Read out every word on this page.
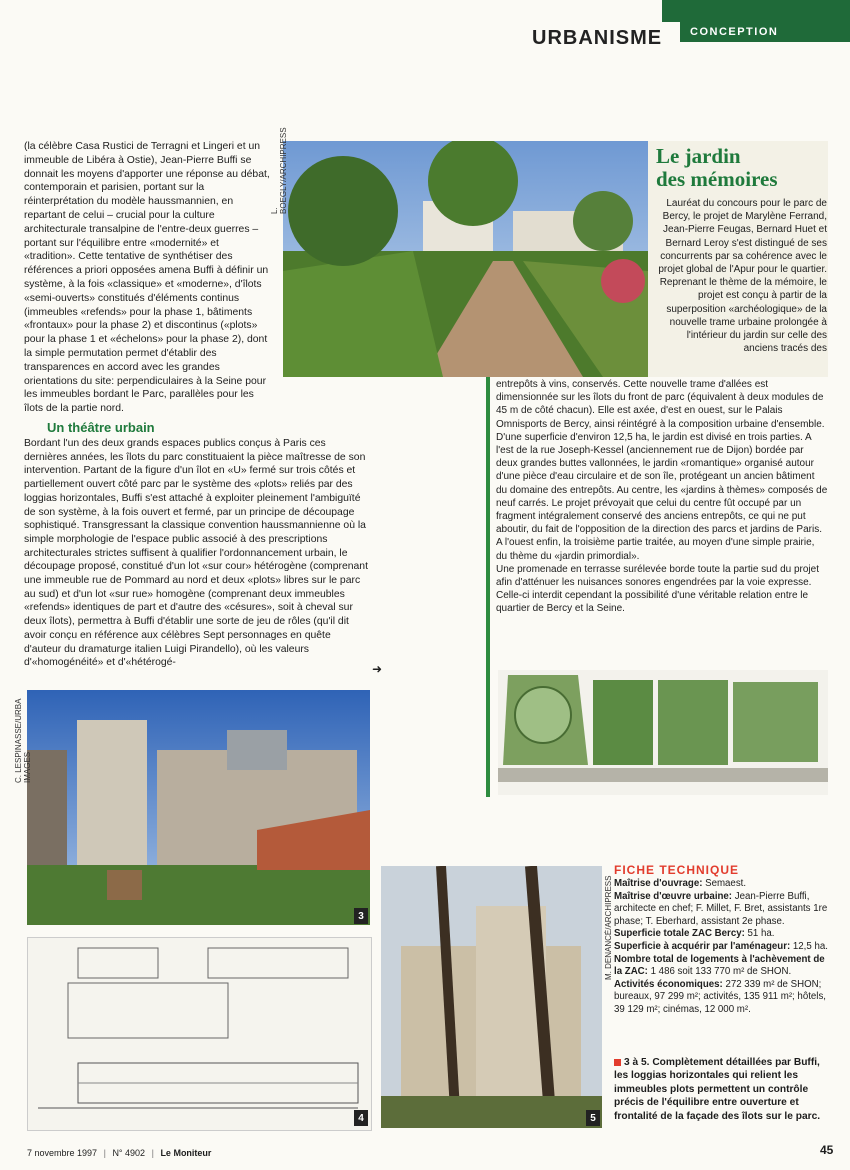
URBANISME	CONCEPTION
(la célèbre Casa Rustici de Terragni et Lingeri et un immeuble de Libéra à Ostie), Jean-Pierre Buffi se donnait les moyens d'apporter une réponse au débat, contemporain et parisien, portant sur la réinterprétation du modèle haussmannien, en repartant de celui – crucial pour la culture architecturale transalpine de l'entre-deux guerres – portant sur l'équilibre entre «modernité» et «tradition». Cette tentative de synthétiser des références a priori opposées amena Buffi à définir un système, à la fois «classique» et «moderne», d'îlots «semi-ouverts» constitués d'éléments continus (immeubles «refends» pour la phase 1, bâtiments «frontaux» pour la phase 2) et discontinus («plots» pour la phase 1 et «échelons» pour la phase 2), dont la simple permutation permet d'établir des transparences en accord avec les grandes orientations du site: perpendiculaires à la Seine pour les immeubles bordant le Parc, parallèles pour les îlots de la partie nord.
L. BOEGLY/ARCHIPRESS	Le jardin
des mémoires
Lauréat du concours pour le parc de Bercy, le projet de Marylène Ferrand, Jean-Pierre Feugas, Bernard Huet et Bernard Leroy s'est distingué de ses concurrents par sa cohérence avec le projet global de l'Apur pour le quartier. Reprenant le thème de la mémoire, le projet est conçu à partir de la superposition «archéologique» de la nouvelle trame urbaine prolongée à l'intérieur du jardin sur celle des anciens tracés des
entrepôts à vins, conservés. Cette nouvelle trame d'allées est dimensionnée sur les îlots du front de parc (équivalent à deux modules de 45 m de côté chacun). Elle est axée, d'est en ouest, sur le Palais Omnisports de Bercy, ainsi réintégré à la composition urbaine d'ensemble.
D'une superficie d'environ 12,5 ha, le jardin est divisé en trois parties. A l'est de la rue Joseph-Kessel (anciennement rue de Dijon) bordée par deux grandes buttes vallonnées, le jardin «romantique» organisé autour d'une pièce d'eau circulaire et de son île, protégeant un ancien bâtiment du domaine des entrepôts. Au centre, les «jardins à thèmes» composés de neuf carrés. Le projet prévoyait que celui du centre fût occupé par un fragment intégralement conservé des anciens entrepôts, ce qui ne put aboutir, du fait de l'opposition de la direction des parcs et jardins de Paris. A l'ouest enfin, la troisième partie traitée, au moyen d'une simple prairie, du thème du «jardin primordial».
Une promenade en terrasse surélevée borde toute la partie sud du projet afin d'atténuer les nuisances sonores engendrées par la voie expresse. Celle-ci interdit cependant la possibilité d'une véritable relation entre le quartier de Bercy et la Seine.
Un théâtre urbain
Bordant l'un des deux grands espaces publics conçus à Paris ces dernières années, les îlots du parc constituaient la pièce maîtresse de son intervention. Partant de la figure d'un îlot en «U» fermé sur trois côtés et partiellement ouvert côté parc par le système des «plots» reliés par des loggias horizontales, Buffi s'est attaché à exploiter pleinement l'ambiguïté de son système, à la fois ouvert et fermé, par un principe de découpage sophistiqué. Transgressant la classique convention haussmannienne où la simple morphologie de l'espace public associé à des prescriptions architecturales strictes suffisent à qualifier l'ordonnancement urbain, le découpage proposé, constitué d'un lot «sur cour» hétérogène (comprenant une immeuble rue de Pommard au nord et deux «plots» libres sur le parc au sud) et d'un lot «sur rue» homogène (comprenant deux immeubles «refends» identiques de part et d'autre des «césures», soit à cheval sur deux îlots), permettra à Buffi d'établir une sorte de jeu de rôles (qu'il dit avoir conçu en référence aux célèbres Sept personnages en quête d'auteur du dramaturge italien Luigi Pirandello), où les valeurs d'«homogénéité» et d'«hétérogé-	➜
C. LESPINASSE/URBA IMAGES
3
4
M. DENANCÉ/ARCHIPRESS
5
FICHE TECHNIQUE
Maîtrise d'ouvrage: Semaest.
Maîtrise d'œuvre urbaine: Jean-Pierre Buffi, architecte en chef; F. Millet, F. Bret, assistants 1re phase; T. Eberhard, assistant 2e phase.
Superficie totale ZAC Bercy: 51 ha.
Superficie à acquérir par l'aménageur: 12,5 ha.
Nombre total de logements à l'achèvement de la ZAC: 1 486 soit 133 770 m² de SHON.
Activités économiques: 272 339 m² de SHON; bureaux, 97 299 m²; activités, 135 911 m²; hôtels, 39 129 m²; cinémas, 12 000 m².
3 à 5. Complètement détaillées par Buffi, les loggias horizontales qui relient les immeubles plots permettent un contrôle précis de l'équilibre entre ouverture et frontalité de la façade des îlots sur le parc.
7 novembre 1997 | N° 4902 | Le Moniteur	45
